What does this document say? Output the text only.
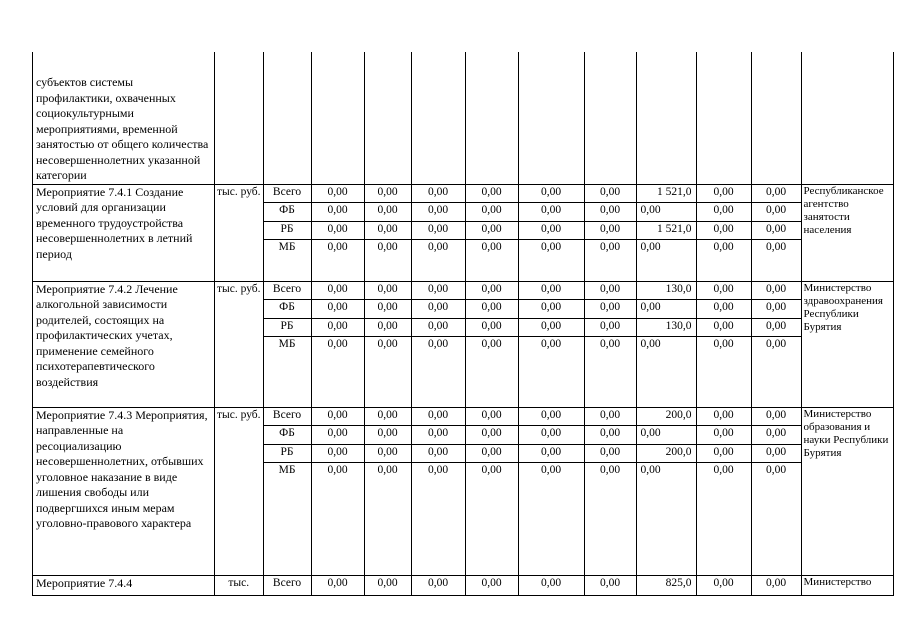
субъектов системы профилактики, охваченных социокультурными мероприятиями, временной занятостью от общего количества несовершеннолетних указанной категории												
Мероприятие 7.4.1 Создание условий для организации временного трудоустройства несовершеннолетних в летний период	тыс. руб.	Всего	0,00	0,00	0,00	0,00	0,00	0,00	1 521,0	0,00	0,00	Республиканское агентство занятости населения
		ФБ	0,00	0,00	0,00	0,00	0,00	0,00	0,00	0,00	0,00	
		РБ	0,00	0,00	0,00	0,00	0,00	0,00	1 521,0	0,00	0,00	
		МБ	0,00	0,00	0,00	0,00	0,00	0,00	0,00	0,00	0,00	
Мероприятие 7.4.2 Лечение алкогольной зависимости родителей, состоящих на профилактических учетах, применение семейного психотерапевтического воздействия	тыс. руб.	Всего	0,00	0,00	0,00	0,00	0,00	0,00	130,0	0,00	0,00	Министерство здравоохранения Республики Бурятия
		ФБ	0,00	0,00	0,00	0,00	0,00	0,00	0,00	0,00	0,00	
		РБ	0,00	0,00	0,00	0,00	0,00	0,00	130,0	0,00	0,00	
		МБ	0,00	0,00	0,00	0,00	0,00	0,00	0,00	0,00	0,00	
Мероприятие 7.4.3 Мероприятия, направленные на ресоциализацию несовершеннолетних, отбывших уголовное наказание в виде лишения свободы или подвергшихся иным мерам уголовно-правового характера	тыс. руб.	Всего	0,00	0,00	0,00	0,00	0,00	0,00	200,0	0,00	0,00	Министерство образования и науки Республики Бурятия
		ФБ	0,00	0,00	0,00	0,00	0,00	0,00	0,00	0,00	0,00	
		РБ	0,00	0,00	0,00	0,00	0,00	0,00	200,0	0,00	0,00	
		МБ	0,00	0,00	0,00	0,00	0,00	0,00	0,00	0,00	0,00	
Мероприятие 7.4.4	тыс.	Всего	0,00	0,00	0,00	0,00	0,00	0,00	825,0	0,00	0,00	Министерство
